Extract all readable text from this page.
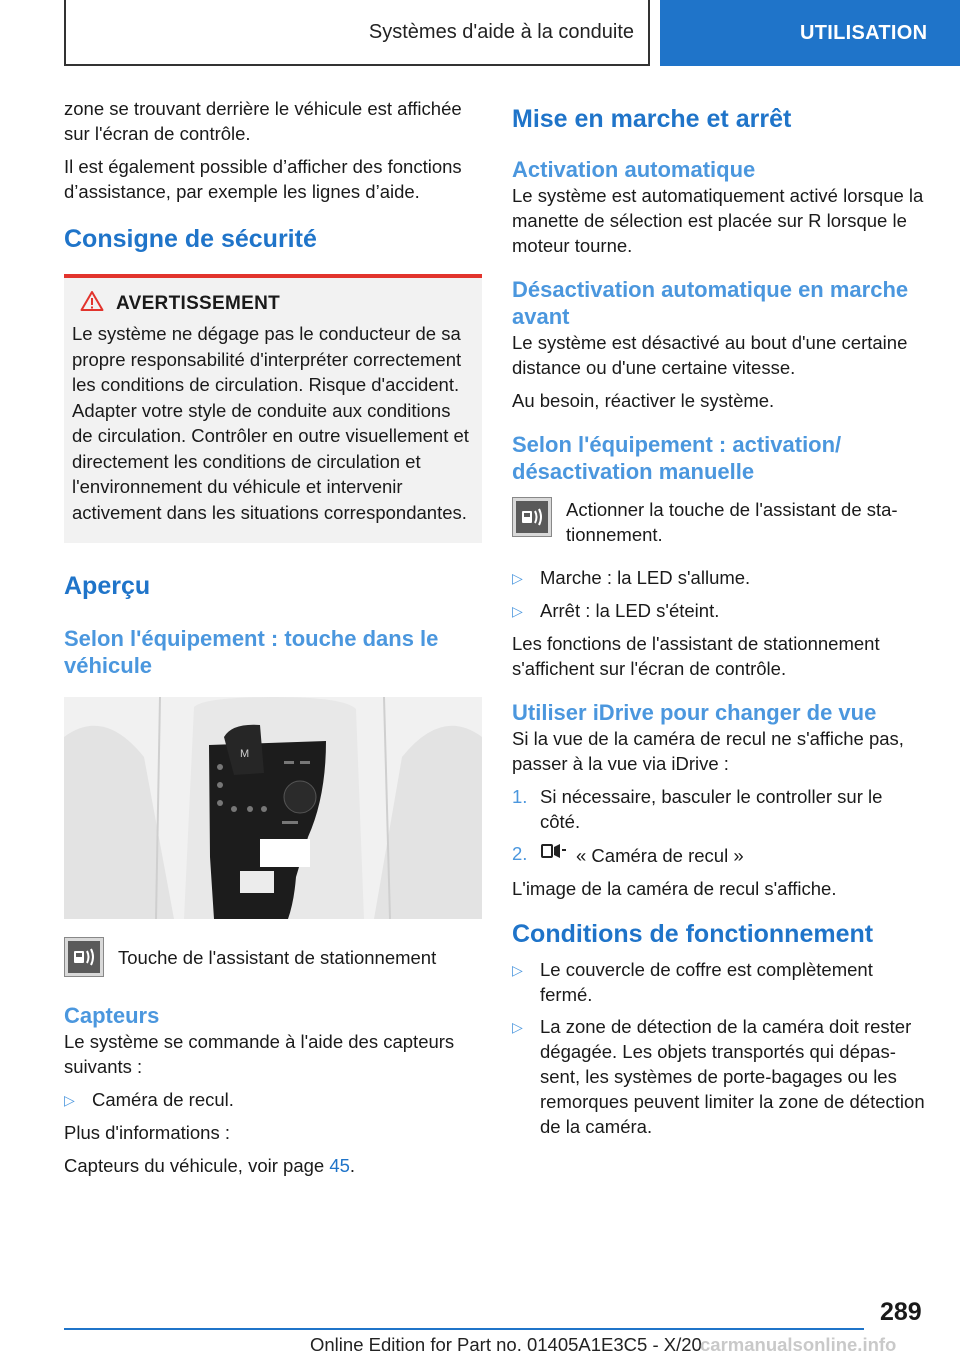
Systèmes d'aide à la conduite	UTILISATION

zone se trouvant derrière le véhicule est affichée sur l'écran de contrôle.

Il est également possible d’afficher des fonctions d’assistance, par exemple les lignes d’aide.

Consigne de sécurité
AVERTISSEMENT

Le système ne dégage pas le conducteur de sa propre responsabilité d'interpréter correctement les conditions de circulation. Risque d'accident. Adapter votre style de conduite aux conditions de circulation. Contrôler en outre visuellement et directement les conditions de circulation et l'environnement du véhicule et intervenir activement dans les situations correspondantes.

Aperçu
Selon l'équipement : touche dans le véhicule
M

Touche de l'assistant de stationnement

Capteurs

Le système se commande à l'aide des capteurs suivants :

▷ Caméra de recul.

Plus d'informations :

Capteurs du véhicule, voir page 45.

Mise en marche et arrêt
Activation automatique

Le système est automatiquement activé lorsque la manette de sélection est placée sur R lorsque le moteur tourne.

Désactivation automatique en marche avant

Le système est désactivé au bout d'une certaine distance ou d'une certaine vitesse.

Au besoin, réactiver le système.

Selon l'équipement : activation/ désactivation manuelle

Actionner la touche de l'assistant de stationnement.

▷ Marche : la LED s'allume.
▷ Arrêt : la LED s'éteint.

Les fonctions de l'assistant de stationnement s'affichent sur l'écran de contrôle.

Utiliser iDrive pour changer de vue

Si la vue de la caméra de recul ne s'affiche pas, passer à la vue via iDrive :

1. Si nécessaire, basculer le controller sur le côté.
2.	« Caméra de recul »

L'image de la caméra de recul s'affiche.

Conditions de fonctionnement
▷ Le couvercle de coffre est complètement fermé.
▷ La zone de détection de la caméra doit rester dégagée. Les objets transportés qui dépassent, les systèmes de porte-bagages ou les remorques peuvent limiter la zone de détection de la caméra.
289
Online Edition for Part no. 01405A1E3C5 - X/20
carmanualsonline.info
